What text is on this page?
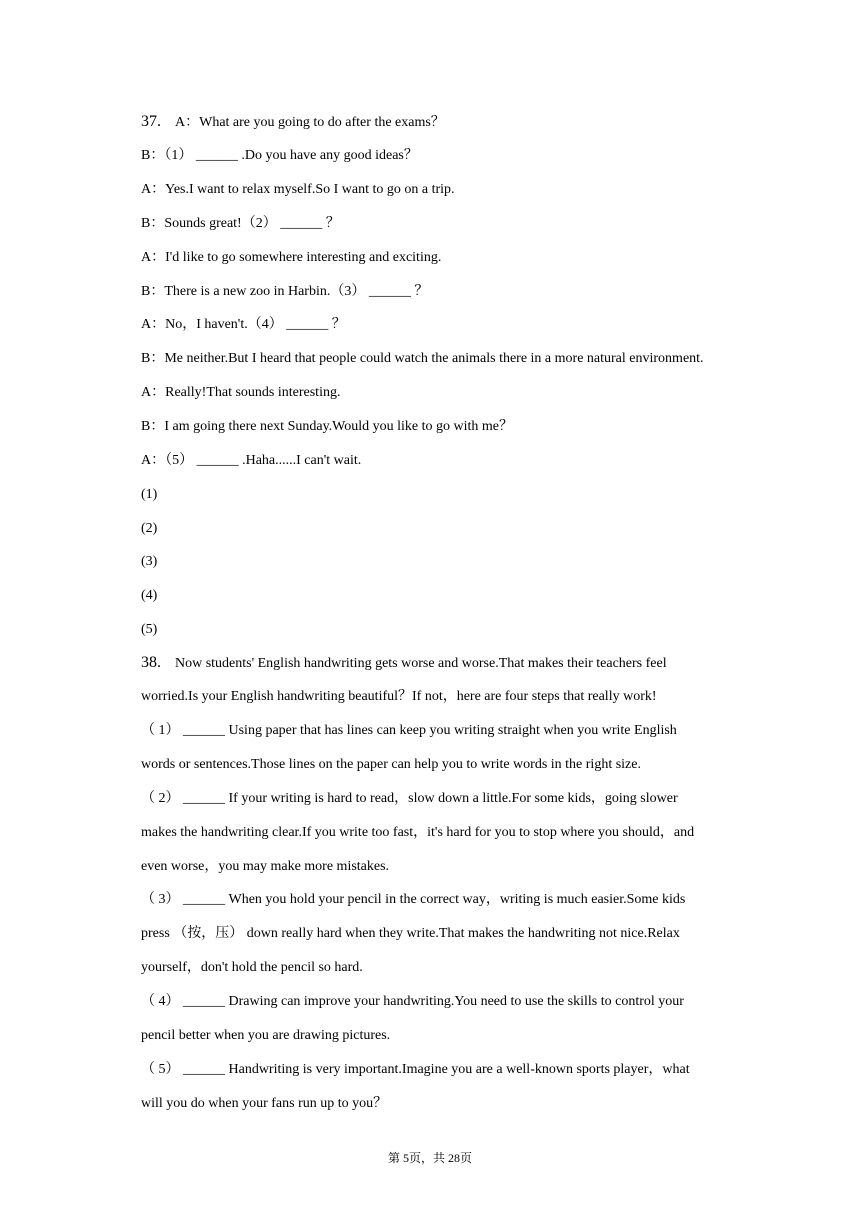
37. A：What are you going to do after the exams？
B：（1） ______ .Do you have any good ideas？
A：Yes.I want to relax myself.So I want to go on a trip.
B：Sounds great!（2） ______ ？
A：I'd like to go somewhere interesting and exciting.
B：There is a new zoo in Harbin.（3） ______ ？
A：No，I haven't.（4） ______ ？
B：Me neither.But I heard that people could watch the animals there in a more natural environment.
A：Really!That sounds interesting.
B：I am going there next Sunday.Would you like to go with me？
A：（5） ______ .Haha......I can't wait.
(1)
(2)
(3)
(4)
(5)
38. Now students' English handwriting gets worse and worse.That makes their teachers feel
worried.Is your English handwriting beautiful？If not，here are four steps that really work!
（ 1） ______ Using paper that has lines can keep you writing straight when you write English
words or sentences.Those lines on the paper can help you to write words in the right size.
（ 2） ______ If your writing is hard to read，slow down a little.For some kids，going slower
makes the handwriting clear.If you write too fast，it's hard for you to stop where you should，and
even worse，you may make more mistakes.
（ 3） ______ When you hold your pencil in the correct way，writing is much easier.Some kids
press （按，压） down really hard when they write.That makes the handwriting not nice.Relax
yourself，don't hold the pencil so hard.
（ 4） ______ Drawing can improve your handwriting.You need to use the skills to control your
pencil better when you are drawing pictures.
（ 5） ______ Handwriting is very important.Imagine you are a well-known sports player，what
will you do when your fans run up to you？
第 5页，共 28页
